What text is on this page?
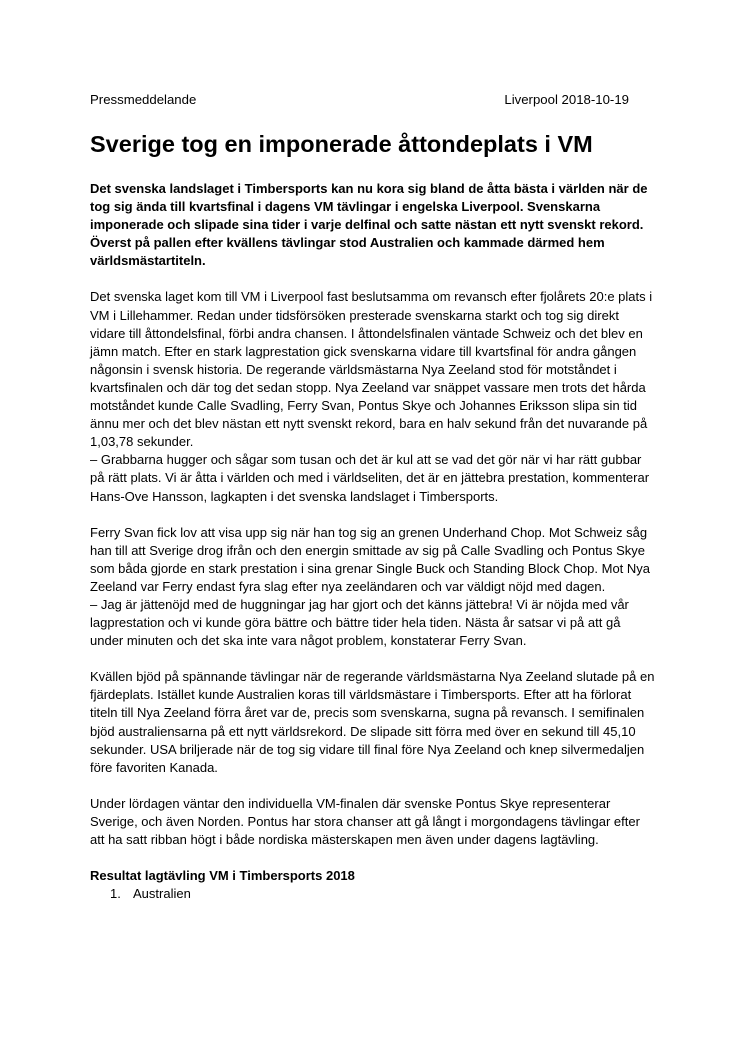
Pressmeddelande	Liverpool 2018-10-19
Sverige tog en imponerade åttondeplats i VM

Det svenska landslaget i Timbersports kan nu kora sig bland de åtta bästa i världen när de tog sig ända till kvartsfinal i dagens VM tävlingar i engelska Liverpool. Svenskarna imponerade och slipade sina tider i varje delfinal och satte nästan ett nytt svenskt rekord. Överst på pallen efter kvällens tävlingar stod Australien och kammade därmed hem världsmästartiteln.

Det svenska laget kom till VM i Liverpool fast beslutsamma om revansch efter fjolårets 20:e plats i VM i Lillehammer. Redan under tidsförsöken presterade svenskarna starkt och tog sig direkt vidare till åttondelsfinal, förbi andra chansen. I åttondelsfinalen väntade Schweiz och det blev en jämn match. Efter en stark lagprestation gick svenskarna vidare till kvartsfinal för andra gången någonsin i svensk historia. De regerande världsmästarna Nya Zeeland stod för motståndet i kvartsfinalen och där tog det sedan stopp. Nya Zeeland var snäppet vassare men trots det hårda motståndet kunde Calle Svadling, Ferry Svan, Pontus Skye och Johannes Eriksson slipa sin tid ännu mer och det blev nästan ett nytt svenskt rekord, bara en halv sekund från det nuvarande på 1,03,78 sekunder.

– Grabbarna hugger och sågar som tusan och det är kul att se vad det gör när vi har rätt gubbar på rätt plats. Vi är åtta i världen och med i världseliten, det är en jättebra prestation, kommenterar Hans-Ove Hansson, lagkapten i det svenska landslaget i Timbersports.

Ferry Svan fick lov att visa upp sig när han tog sig an grenen Underhand Chop. Mot Schweiz såg han till att Sverige drog ifrån och den energin smittade av sig på Calle Svadling och Pontus Skye som båda gjorde en stark prestation i sina grenar Single Buck och Standing Block Chop. Mot Nya Zeeland var Ferry endast fyra slag efter nya zeeländaren och var väldigt nöjd med dagen.

– Jag är jättenöjd med de huggningar jag har gjort och det känns jättebra! Vi är nöjda med vår lagprestation och vi kunde göra bättre och bättre tider hela tiden. Nästa år satsar vi på att gå under minuten och det ska inte vara något problem, konstaterar Ferry Svan.

Kvällen bjöd på spännande tävlingar när de regerande världsmästarna Nya Zeeland slutade på en fjärdeplats. Istället kunde Australien koras till världsmästare i Timbersports. Efter att ha förlorat titeln till Nya Zeeland förra året var de, precis som svenskarna, sugna på revansch. I semifinalen bjöd australiensarna på ett nytt världsrekord. De slipade sitt förra med över en sekund till 45,10 sekunder. USA briljerade när de tog sig vidare till final före Nya Zeeland och knep silvermedaljen före favoriten Kanada.

Under lördagen väntar den individuella VM-finalen där svenske Pontus Skye representerar Sverige, och även Norden. Pontus har stora chanser att gå långt i morgondagens tävlingar efter att ha satt ribban högt i både nordiska mästerskapen men även under dagens lagtävling.

Resultat lagtävling VM i Timbersports 2018

1. Australien
